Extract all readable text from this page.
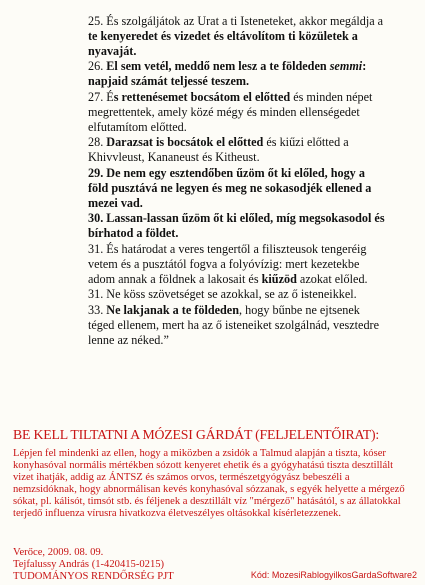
25. És szolgáljátok az Urat a ti Isteneteket, akkor megáldja a te kenyeredet és vizedet és eltávolítom ti közületek a nyavaját.
26. El sem vetél, meddő nem lesz a te földeden semmi: napjaid számát teljessé teszem.
27. És rettenésemet bocsátom el előtted és minden népet megrettentek, amely közé mégy és minden ellenségedet elfutamítom előtted.
28. Darazsat is bocsátok el előtted és kiűzi előtted a Khivvleust, Kananeust és Kitheust.
29. De nem egy esztendőben űzöm őt ki előled, hogy a föld pusztává ne legyen és meg ne sokasodjék ellened a mezei vad.
30. Lassan-lassan űzöm őt ki előled, míg megsokasodol és bírhatod a földet.
31. És határodat a veres tengertől a filiszteusok tengeréig vetem és a pusztától fogva a folyóvízig: mert kezetekbe adom annak a földnek a lakosait és kiűzöd azokat előled.
31. Ne köss szövetséget se azokkal, se az ő isteneikkel.
33. Ne lakjanak a te földeden, hogy bűnbe ne ejtsenek téged ellenem, mert ha az ő isteneiket szolgálnád, vesztedre lenne az néked.”
BE KELL TILTATNI A MÓZESI GÁRDÁT (FELJELENTŐIRAT):
Lépjen fel mindenki az ellen, hogy a miközben a zsidók a Talmud alapján a tiszta, kóser konyhasóval normális mértékben sózott kenyeret ehetik és a gyógyhatású tiszta desztillált vizet ihatják, addig az ÁNTSZ és számos orvos, természetgyógyász bebeszéli a nemzsidóknak, hogy abnormálisan kevés konyhasóval sózzanak, s egyék helyette a mérgező sókat, pl. kálisót, timsót stb. és féljenek a desztillált víz "mérgező" hatásától, s az állatokkal terjedő influenza vírusra hivatkozva életveszélyes oltásokkal kísérletezzenek.
Verőce, 2009. 08. 09.
Tejfalussy András (1-420415-0215)
TUDOMÁNYOS RENDŐRSÉG PJT	Kód: MozesiRablogyilkosGardaSoftware2
